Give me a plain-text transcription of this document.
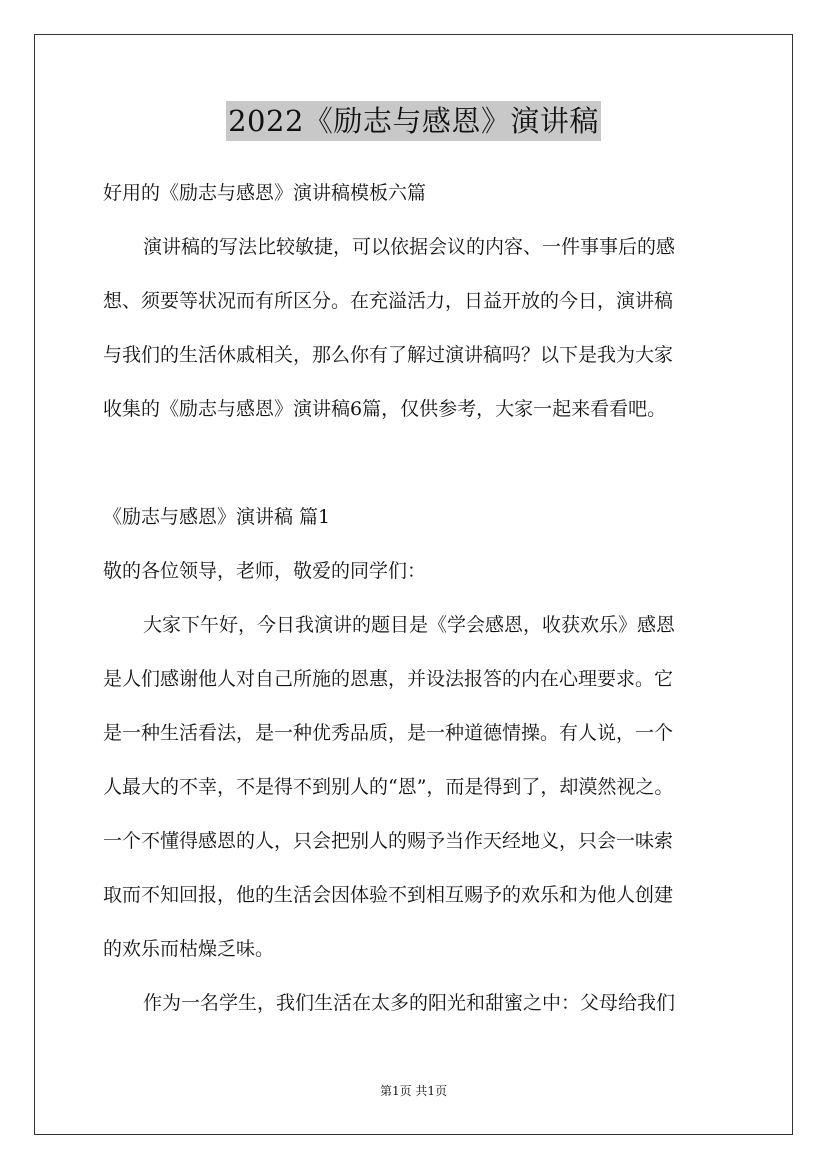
2022《励志与感恩》演讲稿
好用的《励志与感恩》演讲稿模板六篇
演讲稿的写法比较敏捷，可以依据会议的内容、一件事事后的感
想、须要等状况而有所区分。在充溢活力，日益开放的今日，演讲稿
与我们的生活休戚相关，那么你有了解过演讲稿吗？以下是我为大家
收集的《励志与感恩》演讲稿6篇，仅供参考，大家一起来看看吧。
《励志与感恩》演讲稿 篇1
敬的各位领导，老师，敬爱的同学们：
大家下午好，今日我演讲的题目是《学会感恩，收获欢乐》感恩
是人们感谢他人对自己所施的恩惠，并设法报答的内在心理要求。它
是一种生活看法，是一种优秀品质，是一种道德情操。有人说，一个
人最大的不幸，不是得不到别人的“恩”，而是得到了，却漠然视之。
一个不懂得感恩的人，只会把别人的赐予当作天经地义，只会一味索
取而不知回报，他的生活会因体验不到相互赐予的欢乐和为他人创建
的欢乐而枯燥乏味。
作为一名学生，我们生活在太多的阳光和甜蜜之中：父母给我们
第1页 共1页
